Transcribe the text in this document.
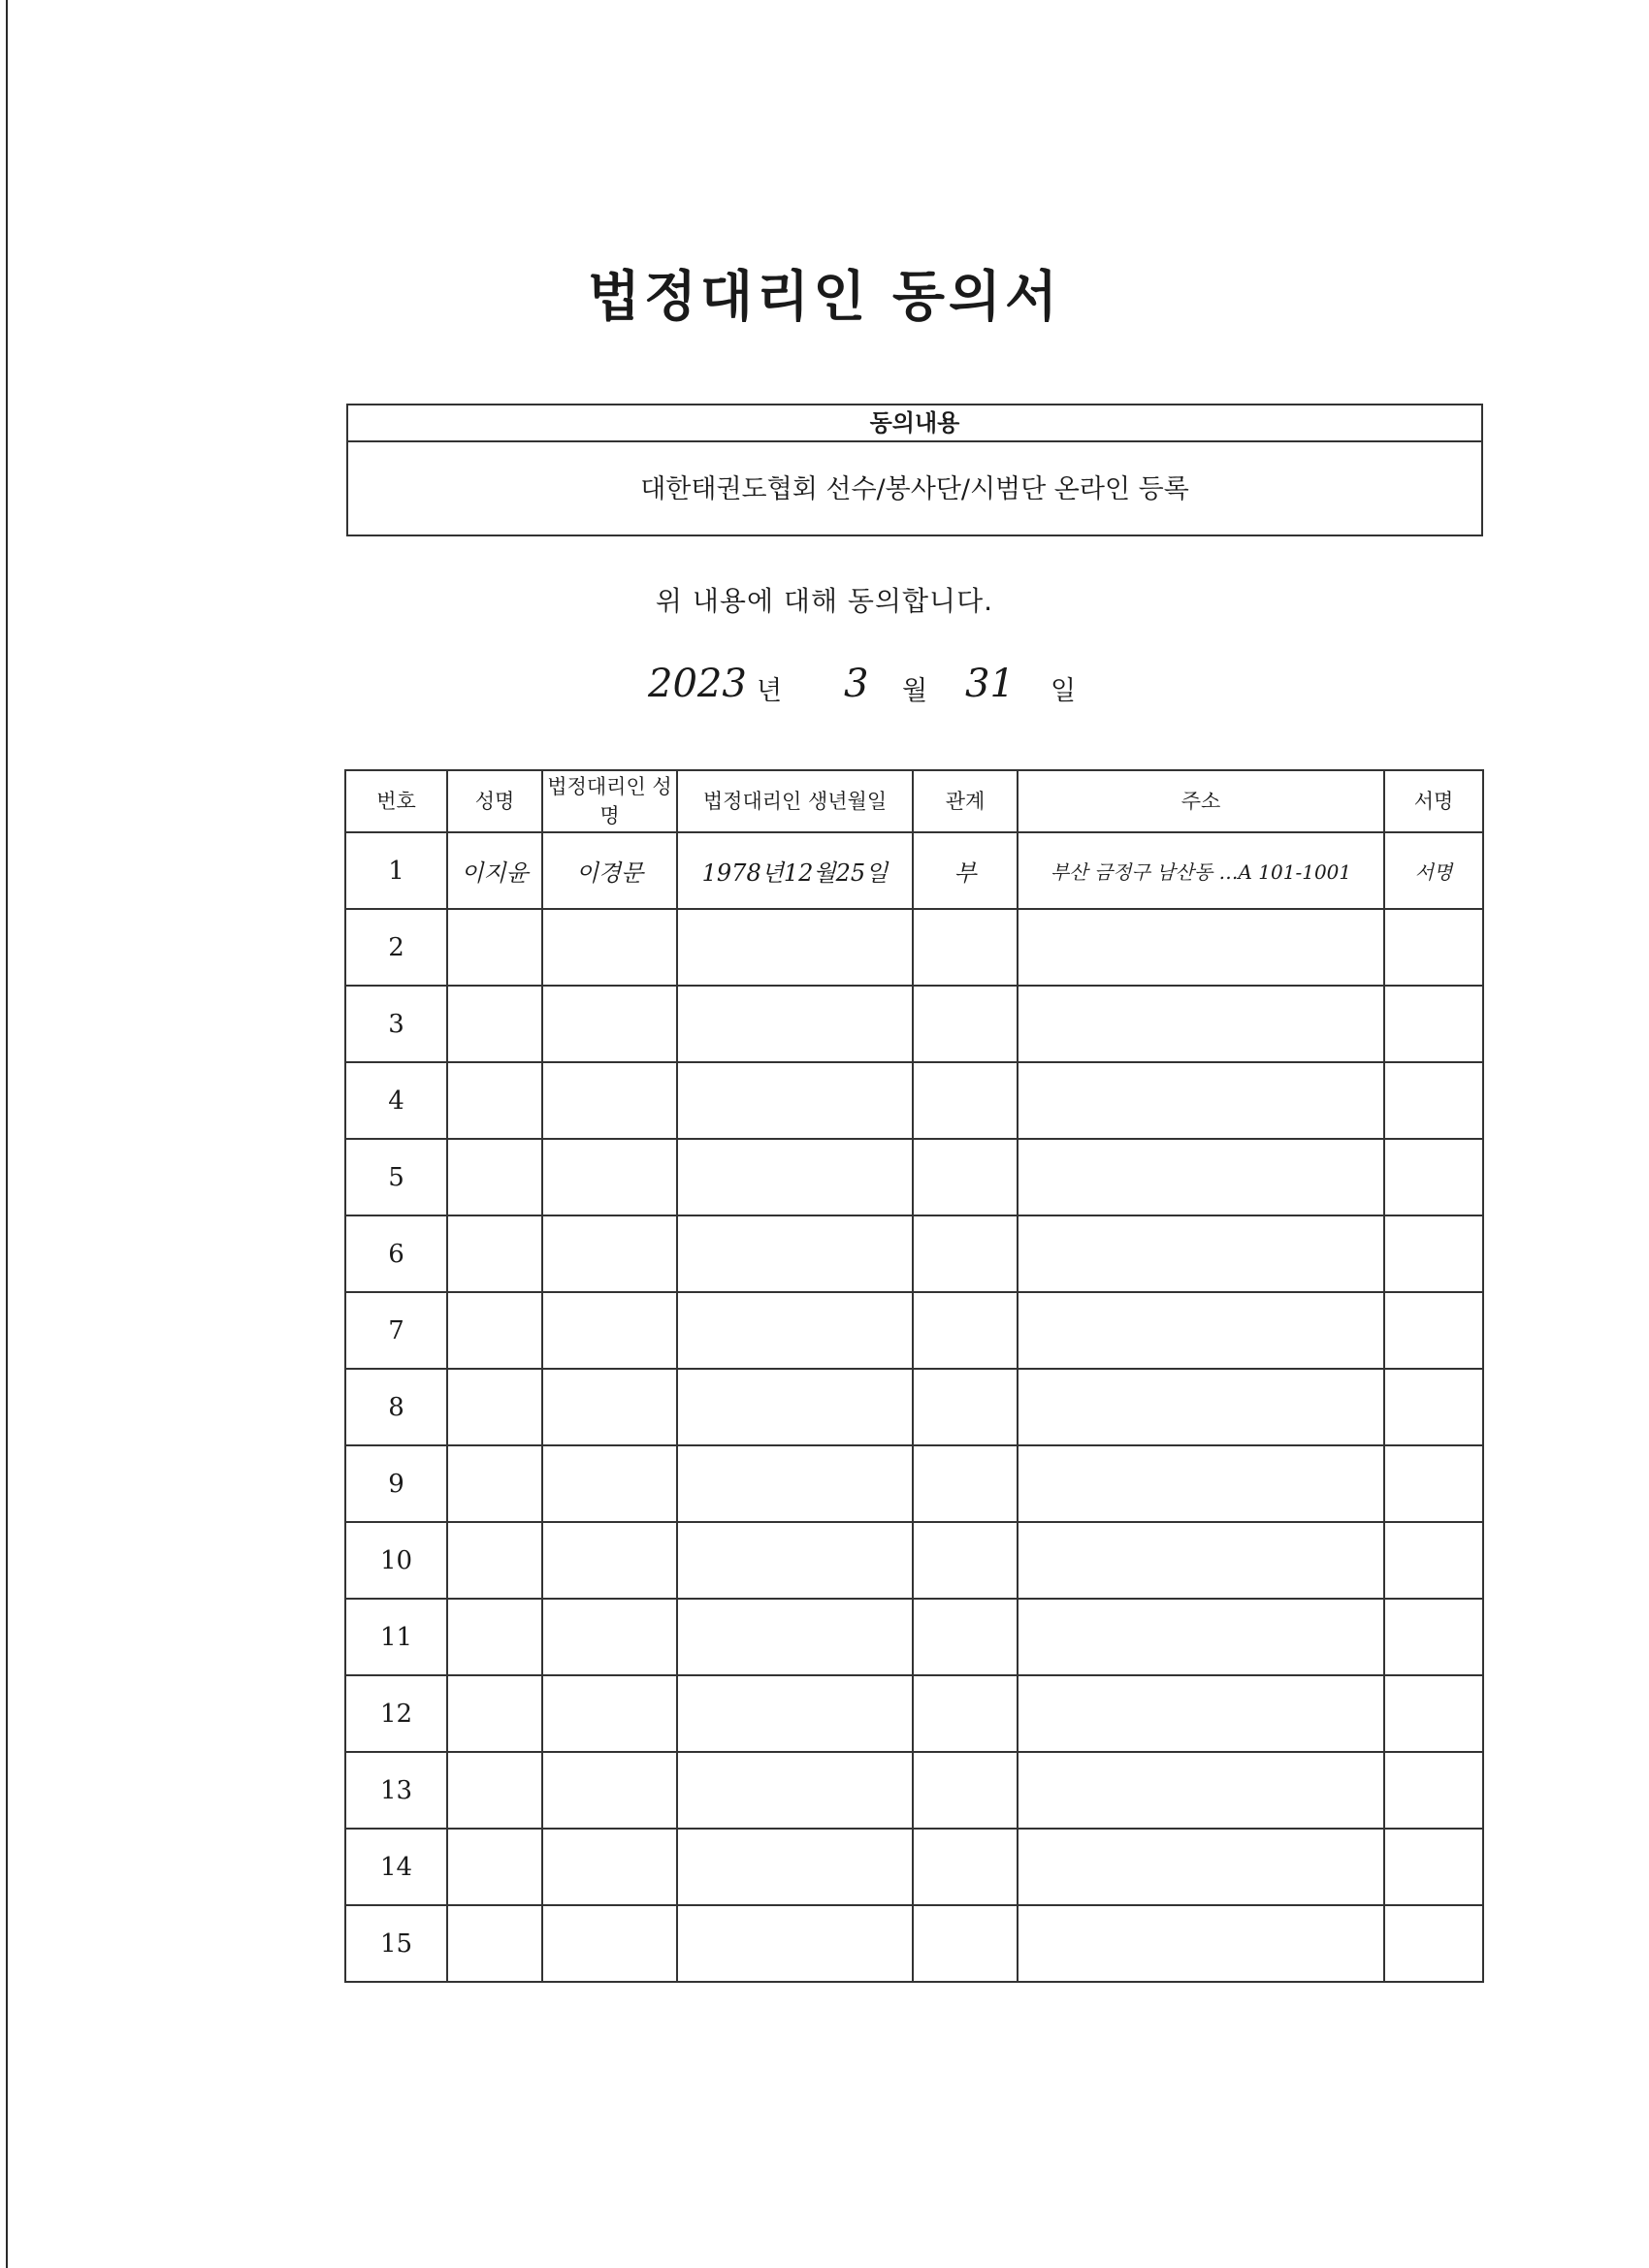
법정대리인 동의서
동의내용
대한태권도협회 선수/봉사단/시범단 온라인 등록
위 내용에 대해 동의합니다.
2023 년 3 월 31 일
번호	성명	법정대리인 성명	법정대리인 생년월일	관계	주소	서명
1	이지윤	이경문	1978년12월25일	부	부산 금정구 남산동 …A 101-1001	서명
2						
3						
4						
5						
6						
7						
8						
9						
10						
11						
12						
13						
14						
15						
